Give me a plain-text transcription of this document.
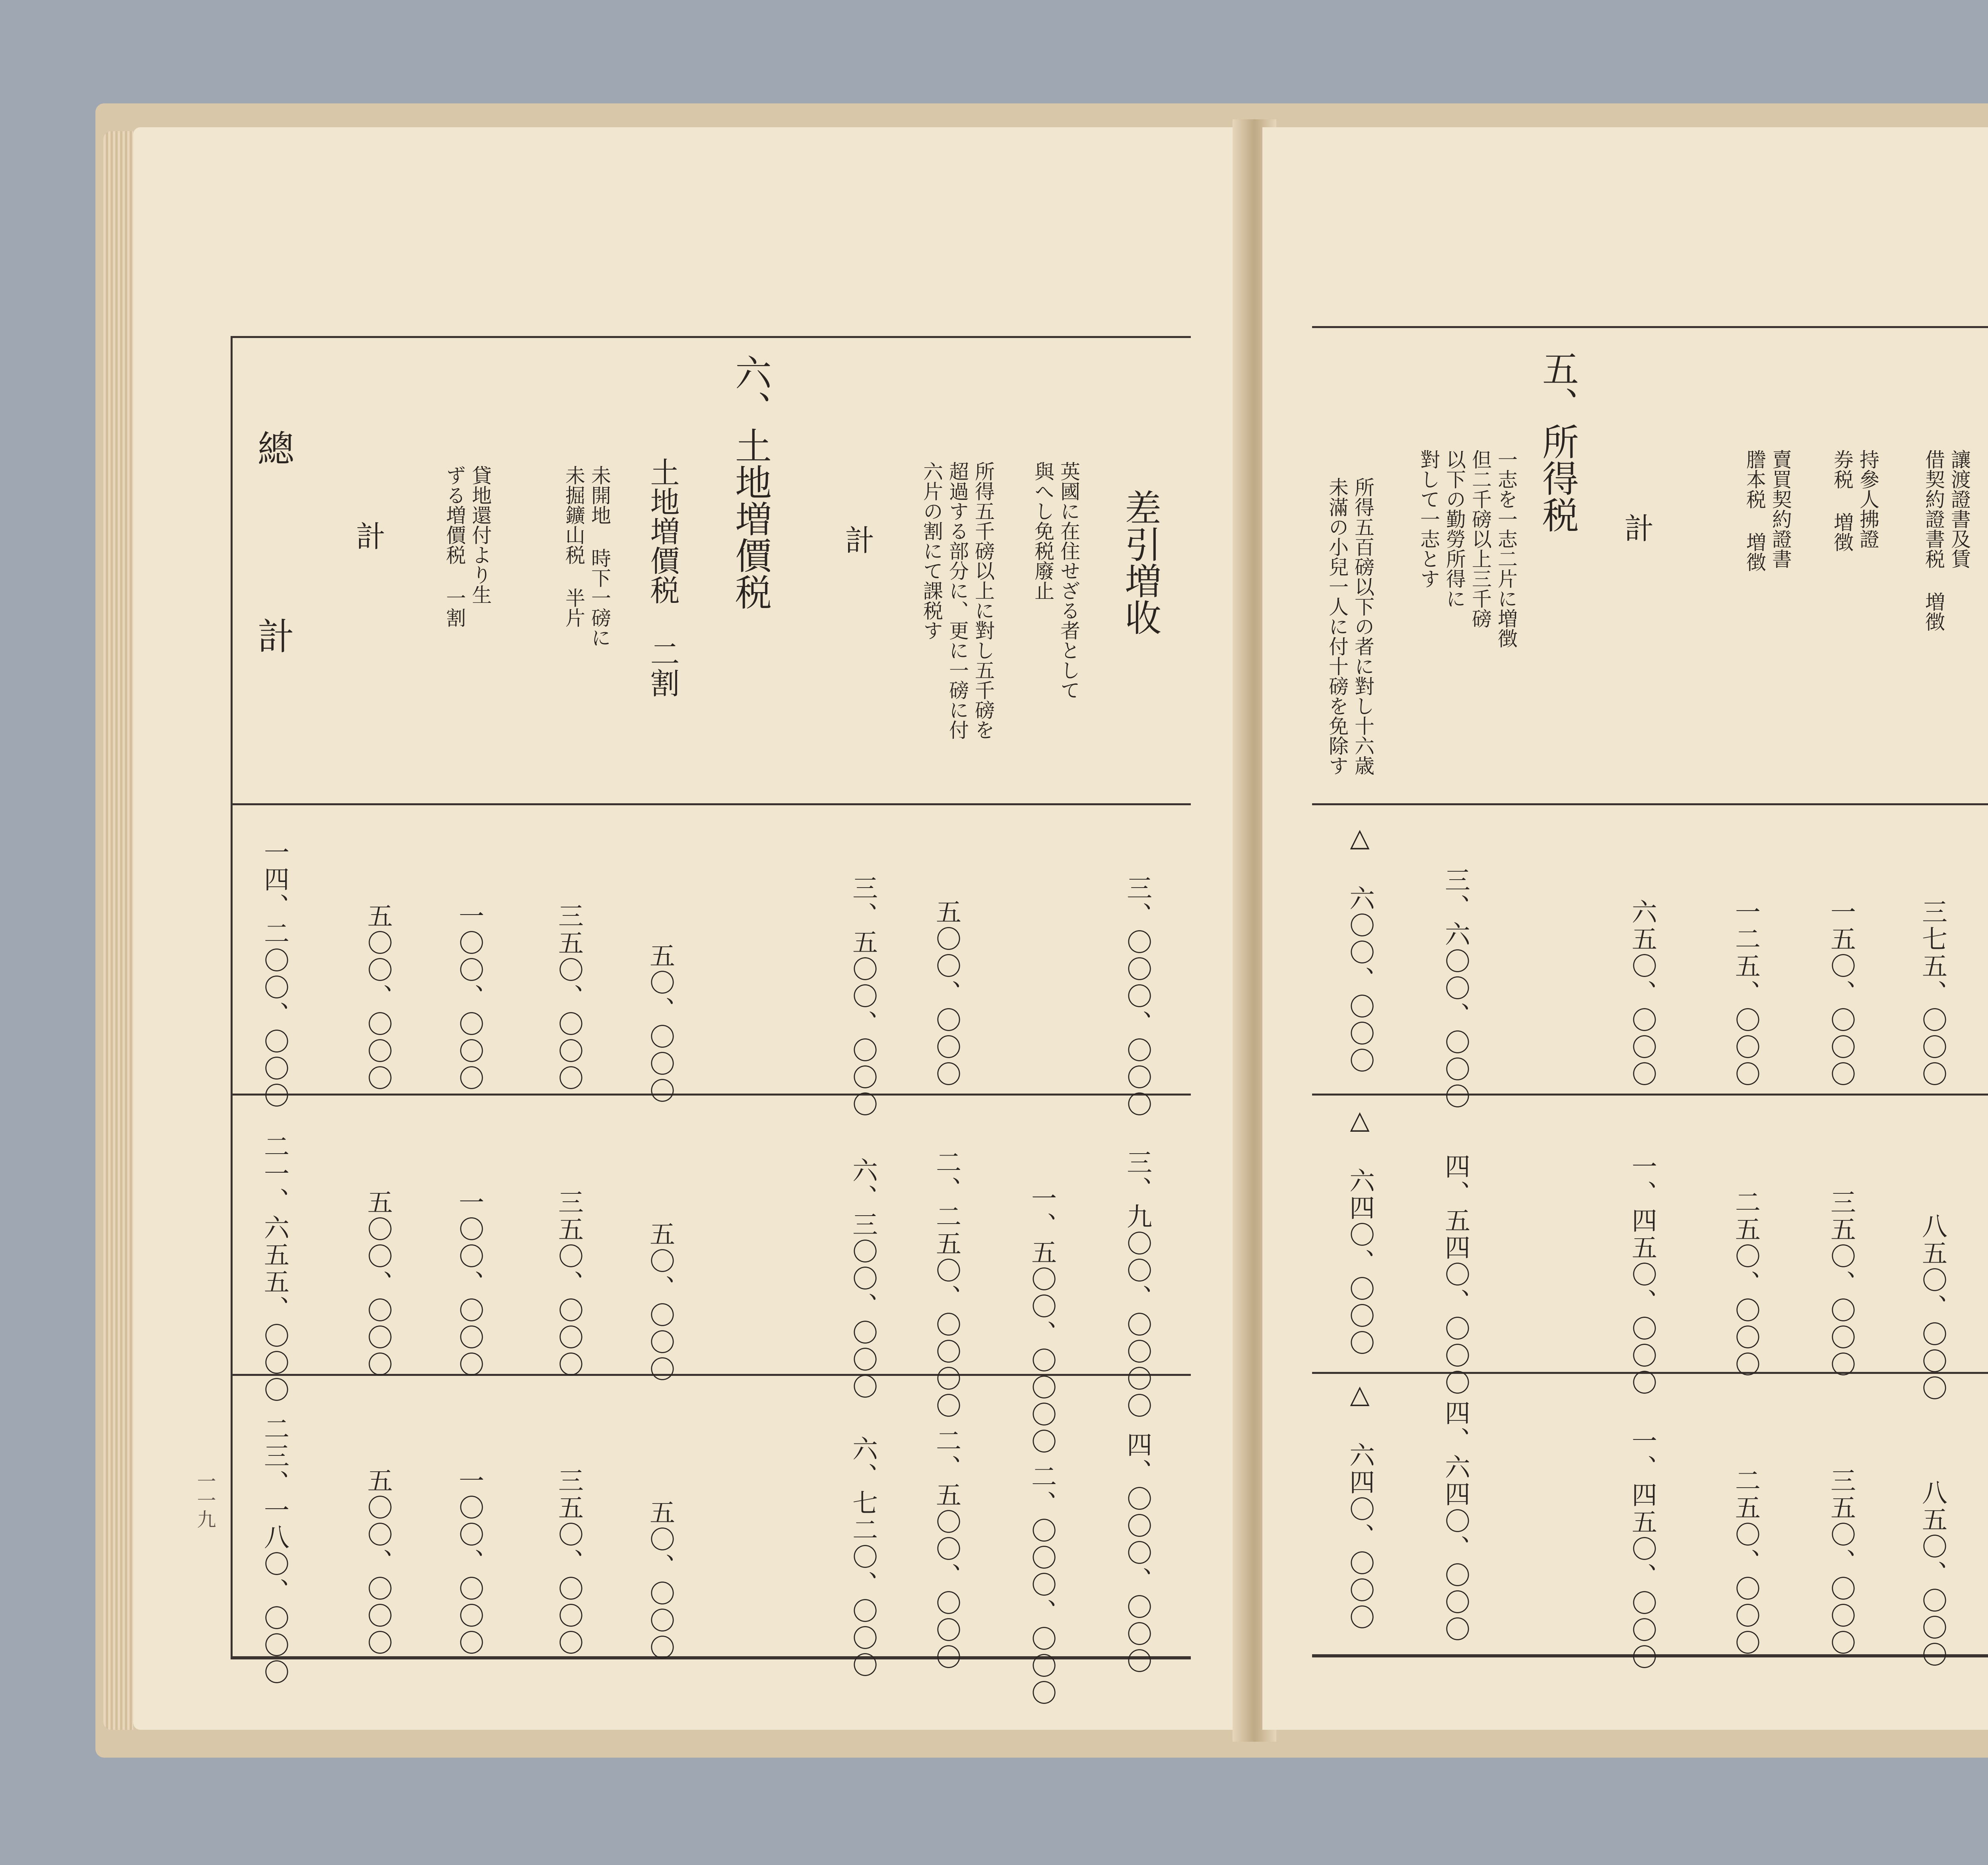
差引増收
英國に在住せざる者として
與へし免税廢止
所得五千磅以上に對し五千磅を
超過する部分に、更に一磅に付
六片の割にて課税す
計
六、土地増價税
土地増價税 二割
未開地 時下一磅に
未掘鑛山税 半片
貸地還付より生
ずる増價税 一割
計
總計
三、〇〇〇、〇〇〇
五〇〇、〇〇〇
三、五〇〇、〇〇〇
五〇、〇〇〇
三五〇、〇〇〇
一〇〇、〇〇〇
五〇〇、〇〇〇
一四、二〇〇、〇〇〇
三、九〇〇、〇〇〇〇
一、五〇〇、〇〇〇〇
二、二五〇、〇〇〇〇
六、三〇〇、〇〇〇
五〇、〇〇〇
三五〇、〇〇〇
一〇〇、〇〇〇
五〇〇、〇〇〇
二一、六五五、〇〇〇
四、〇〇〇、〇〇〇
二、〇〇〇、〇〇〇
二、五〇〇、〇〇〇
六、七二〇、〇〇〇
五〇、〇〇〇
三五〇、〇〇〇
一〇〇、〇〇〇
五〇〇、〇〇〇
二三、一八〇、〇〇〇
一一九
讓渡證書及賃
借契約證書税 増徴
持參人拂證
券税 増徴
賣買契約證書
謄本税 増徴
計
五、所得税
一志を一志二片に増徴
但二千磅以上三千磅
以下の勤勞所得に
對して一志とす
所得五百磅以下の者に對し十六歳
未滿の小兒一人に付十磅を免除す
三七五、〇〇〇
一五〇、〇〇〇
一二五、〇〇〇
六五〇、〇〇〇
三、六〇〇、〇〇〇
△ 六〇〇、〇〇〇
八五〇、〇〇〇
三五〇、〇〇〇
二五〇、〇〇〇
一、四五〇、〇〇〇
四、五四〇、〇〇〇
△ 六四〇、〇〇〇
八五〇、〇〇〇
三五〇、〇〇〇
二五〇、〇〇〇
一、四五〇、〇〇〇
四、六四〇、〇〇〇
△ 六四〇、〇〇〇
